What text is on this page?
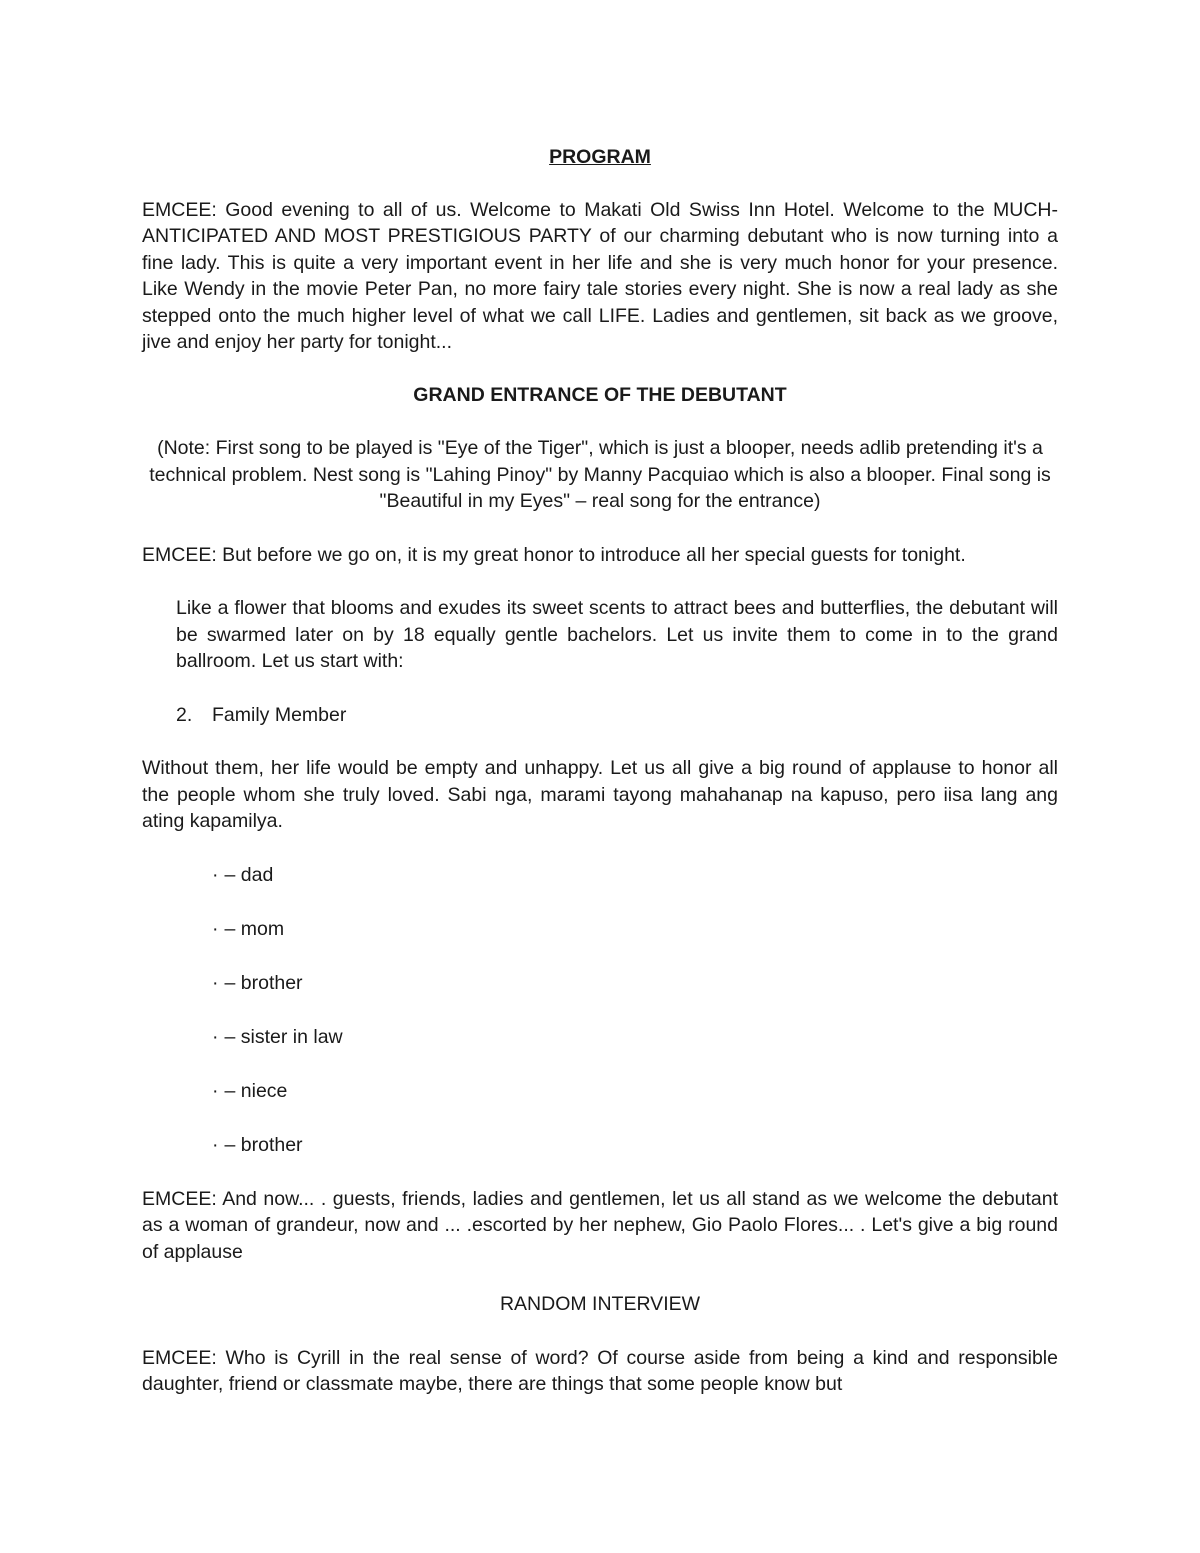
PROGRAM

EMCEE: Good evening to all of us. Welcome to Makati Old Swiss Inn Hotel. Welcome to the MUCH-ANTICIPATED AND MOST PRESTIGIOUS PARTY of our charming debutant who is now turning into a fine lady. This is quite a very important event in her life and she is very much honor for your presence. Like Wendy in the movie Peter Pan, no more fairy tale stories every night. She is now a real lady as she stepped onto the much higher level of what we call LIFE. Ladies and gentlemen, sit back as we groove, jive and enjoy her party for tonight...

GRAND ENTRANCE OF THE DEBUTANT

(Note: First song to be played is "Eye of the Tiger", which is just a blooper, needs adlib pretending it's a technical problem. Nest song is "Lahing Pinoy" by Manny Pacquiao which is also a blooper. Final song is "Beautiful in my Eyes" – real song for the entrance)

EMCEE: But before we go on, it is my great honor to introduce all her special guests for tonight.

Like a flower that blooms and exudes its sweet scents to attract bees and butterflies, the debutant will be swarmed later on by 18 equally gentle bachelors. Let us invite them to come in to the grand ballroom. Let us start with:

2. Family Member

Without them, her life would be empty and unhappy. Let us all give a big round of applause to honor all the people whom she truly loved. Sabi nga, marami tayong mahahanap na kapuso, pero iisa lang ang ating kapamilya.

· – dad
· – mom
· – brother
· – sister in law
· – niece
· – brother

EMCEE: And now... . guests, friends, ladies and gentlemen, let us all stand as we welcome the debutant as a woman of grandeur, now and ... .escorted by her nephew, Gio Paolo Flores... . Let's give a big round of applause

RANDOM INTERVIEW

EMCEE: Who is Cyrill in the real sense of word? Of course aside from being a kind and responsible daughter, friend or classmate maybe, there are things that some people know but
